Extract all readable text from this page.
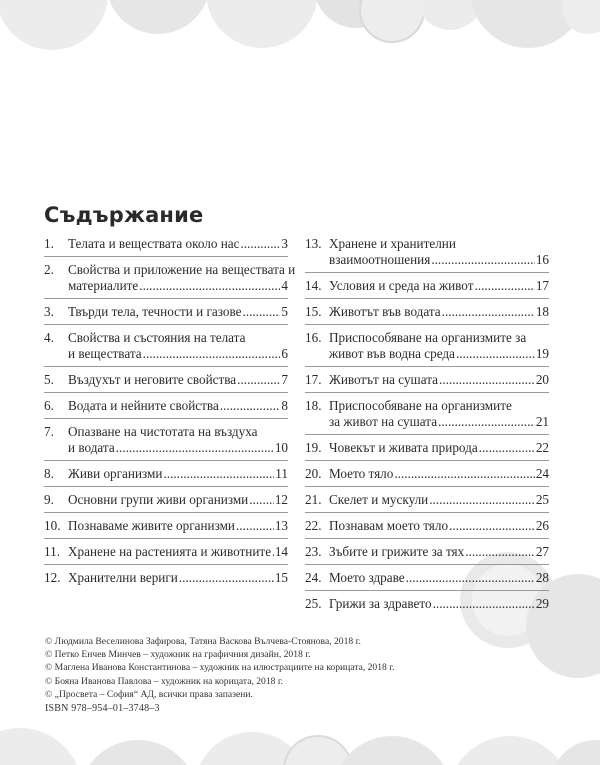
Съдържание
1. Телата и веществата около нас .....	3
2. Свойства и приложение на веществата и
материалите .....	4
3. Твърди тела, течности и газове .....	5
4. Свойства и състояния на телата
и веществата .....	6
5. Въздухът и неговите свойства .....	7
6. Водата и нейните свойства .....	8
7. Опазване на чистотата на въздуха
и водата .....	10
8. Живи организми .....	11
9. Основни групи живи организми ..... 12
10. Познаваме живите организми .....	13
11. Хранене на растенията и животните ..... 14
12. Хранителни вериги .....	15
13. Хранене и хранителни
взаимоотношения .....	16
14. Условия и среда на живот .....	17
15. Животът във водата .....	18
16. Приспособяване на организмите за
живот във водна среда .....	19
17. Животът на сушата .....	20
18. Приспособяване на организмите
за живот на сушата .....	21
19. Човекът и живата природа .....	22
20. Моето тяло .....	24
21. Скелет и мускули .....	25
22. Познавам моето тяло .....	26
23. Зъбите и грижите за тях .....	27
24. Моето здраве .....	28
25. Грижи за здравето .....	29
© Людмила Веселинова Зафирова, Татяна Васкова Вълчева-Стоянова, 2018 г.
© Петко Енчев Минчев – художник на графичния дизайн, 2018 г.
© Маглена Иванова Константинова – художник на илюстрациите на корицата, 2018 г.
© Бояна Иванова Павлова – художник на корицата, 2018 г.
© „Просвета – София“ АД, всички права запазени.
ISBN 978–954–01–3748–3
